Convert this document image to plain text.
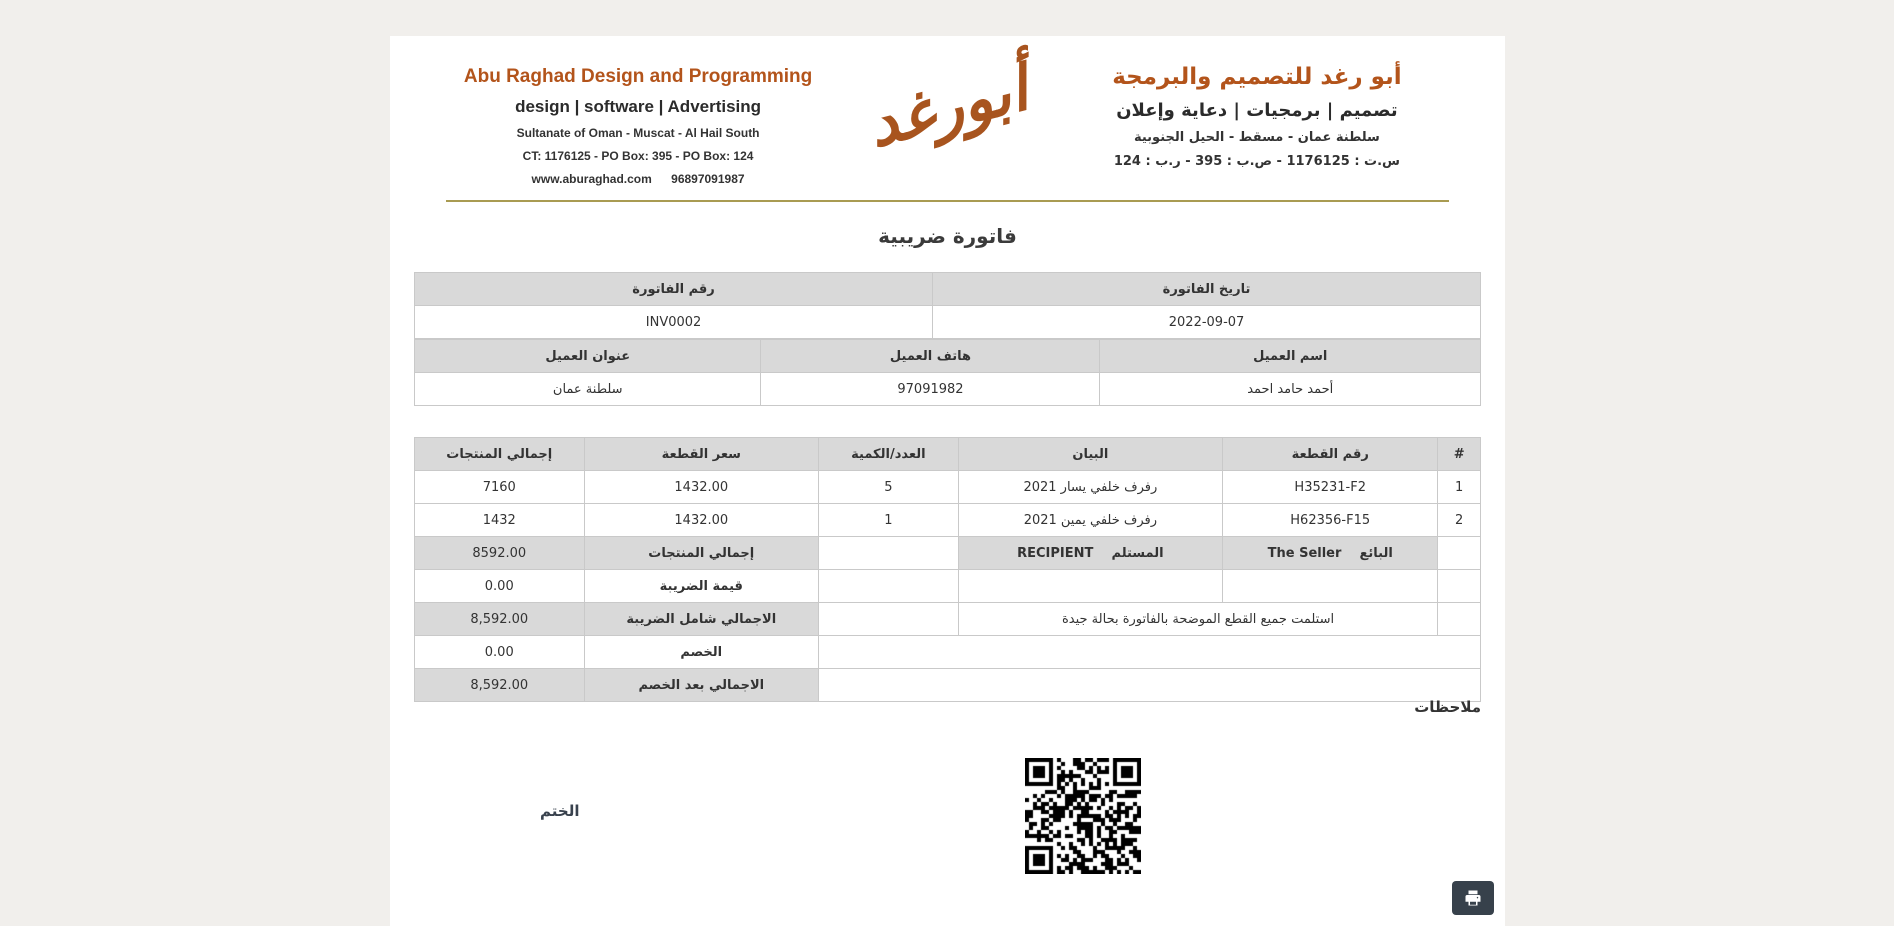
Abu Raghad Design and Programming
design | software | Advertising
Sultanate of Oman - Muscat - Al Hail South
CT: 1176125 - PO Box: 395 - PO Box: 124
www.aburaghad.com 96897091987
أبورغد	أبو رغد للتصميم والبرمجة
تصميم | برمجيات | دعاية وإعلان
سلطنة عمان - مسقط - الحيل الجنوبية
س.ت : 1176125 - ص.ب : 395 - ر.ب : 124
فاتورة ضريبية
تاريخ الفاتورة	رقم الفاتورة
2022-09-07	INV0002
اسم العميل	هاتف العميل	عنوان العميل
أحمد حامد احمد	97091982	سلطنة عمان
#	رقم القطعة	البيان	العدد/الكمية	سعر القطعة	إجمالي المنتجات
1	H35231-F2	رفرف خلفي يسار 2021	5	1432.00	7160
2	H62356-F15	رفرف خلفي يمين 2021	1	1432.00	1432
	البائع    The Seller	المستلم    RECIPIENT		إجمالي المنتجات	8592.00
				قيمة الضريبة	0.00
	استلمت جميع القطع الموضحة بالفاتورة بحالة جيدة			الاجمالي شامل الضريبة	8,592.00
				الخصم	0.00
				الاجمالي بعد الخصم	8,592.00
ملاحظات
الختم
